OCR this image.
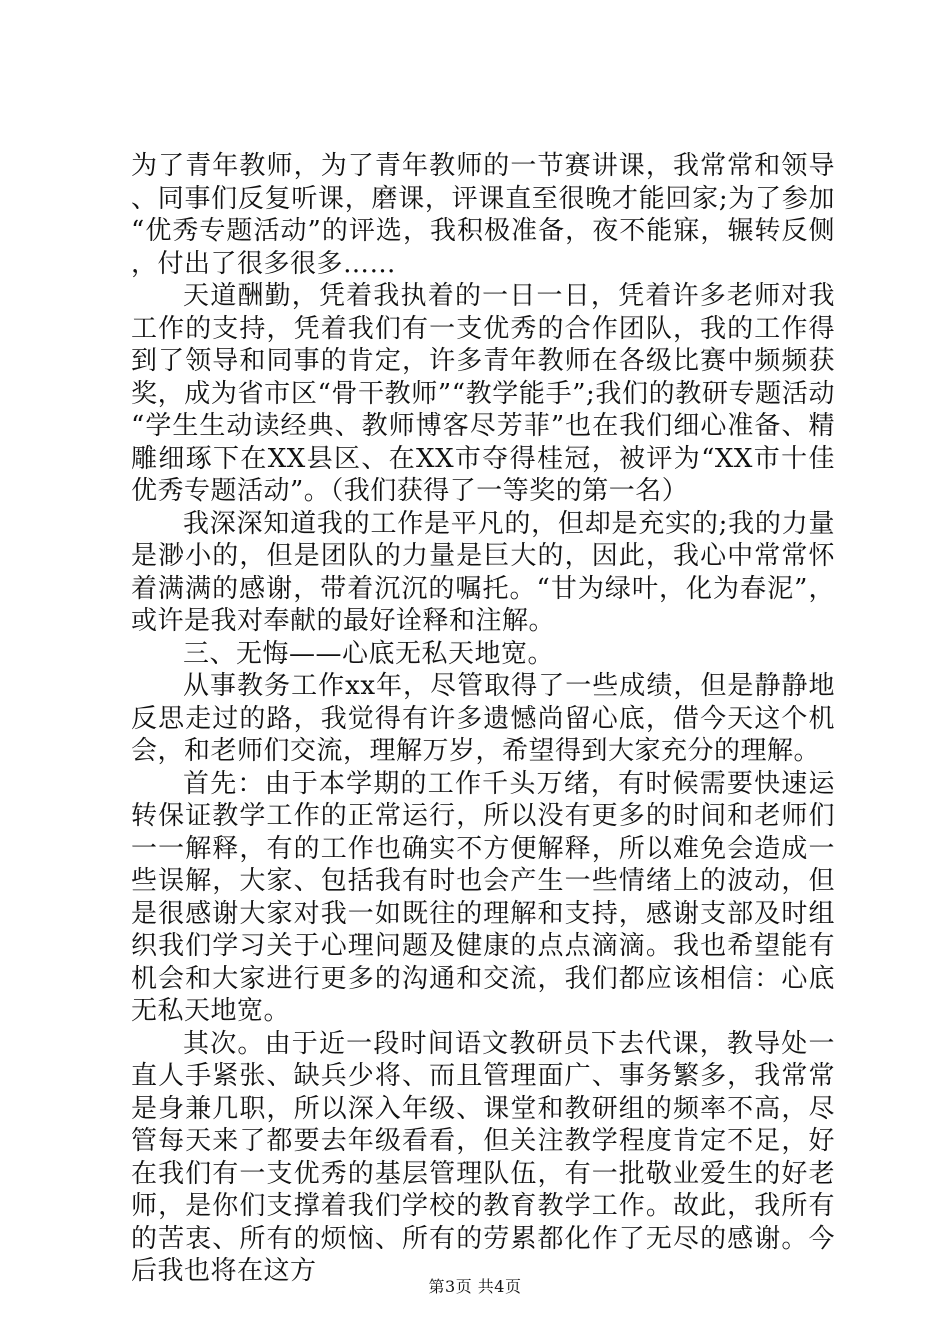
为了青年教师，为了青年教师的一节赛讲课，我常常和领导、同事们反复听课，磨课，评课直至很晚才能回家;为了参加“优秀专题活动”的评选，我积极准备，夜不能寐，辗转反侧，付出了很多很多……

天道酬勤，凭着我执着的一日一日，凭着许多老师对我工作的支持，凭着我们有一支优秀的合作团队，我的工作得到了领导和同事的肯定，许多青年教师在各级比赛中频频获奖，成为省市区“骨干教师”“教学能手”;我们的教研专题活动“学生生动读经典、教师博客尽芳菲”也在我们细心准备、精雕细琢下在XX县区、在XX市夺得桂冠，被评为“XX市十佳优秀专题活动”。（我们获得了一等奖的第一名）

我深深知道我的工作是平凡的，但却是充实的;我的力量是渺小的，但是团队的力量是巨大的，因此，我心中常常怀着满满的感谢，带着沉沉的嘱托。“甘为绿叶，化为春泥”，或许是我对奉献的最好诠释和注解。

三、无悔——心底无私天地宽。

从事教务工作xx年，尽管取得了一些成绩，但是静静地反思走过的路，我觉得有许多遗憾尚留心底，借今天这个机会，和老师们交流，理解万岁，希望得到大家充分的理解。

首先：由于本学期的工作千头万绪，有时候需要快速运转保证教学工作的正常运行，所以没有更多的时间和老师们一一解释，有的工作也确实不方便解释，所以难免会造成一些误解，大家、包括我有时也会产生一些情绪上的波动，但是很感谢大家对我一如既往的理解和支持，感谢支部及时组织我们学习关于心理问题及健康的点点滴滴。我也希望能有机会和大家进行更多的沟通和交流，我们都应该相信：心底无私天地宽。

其次。由于近一段时间语文教研员下去代课，教导处一直人手紧张、缺兵少将、而且管理面广、事务繁多，我常常是身兼几职，所以深入年级、课堂和教研组的频率不高，尽管每天来了都要去年级看看，但关注教学程度肯定不足，好在我们有一支优秀的基层管理队伍，有一批敬业爱生的好老师，是你们支撑着我们学校的教育教学工作。故此，我所有的苦衷、所有的烦恼、所有的劳累都化作了无尽的感谢。今后我也将在这方

第3页 共4页
